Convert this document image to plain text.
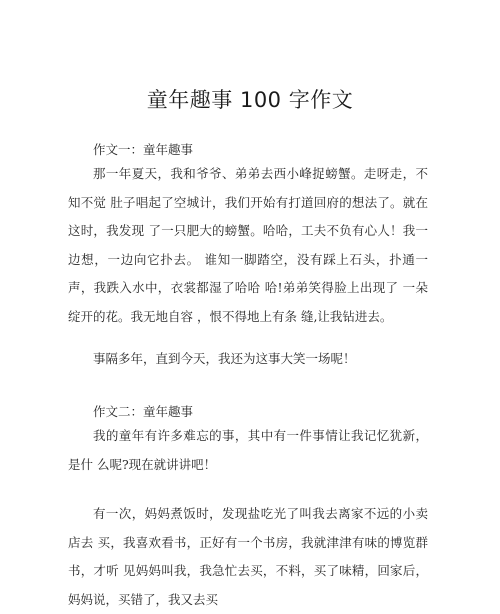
童年趣事 100 字作文
作文一：童年趣事

那一年夏天，我和爷爷、弟弟去西小峰捉螃蟹。走呀走，不知不觉 肚子唱起了空城计，我们开始有打道回府的想法了。就在这时，我发现 了一只肥大的螃蟹。哈哈，工夫不负有心人！我一边想，一边向它扑去。 谁知一脚踏空，没有踩上石头，扑通一声，我跌入水中，衣裳都湿了哈哈 哈!弟弟笑得脸上出现了 一朵绽开的花。我无地自容 ，恨不得地上有条 缝,让我钻进去。

事隔多年，直到今天，我还为这事大笑一场呢！
作文二：童年趣事

我的童年有许多难忘的事，其中有一件事情让我记忆犹新，是什 么呢?现在就讲讲吧！

有一次，妈妈煮饭时，发现盐吃光了叫我去离家不远的小卖店去 买，我喜欢看书，正好有一个书房，我就津津有味的博览群书，才听 见妈妈叫我，我急忙去买，不料，买了味精，回家后，妈妈说，买错了，我又去买
